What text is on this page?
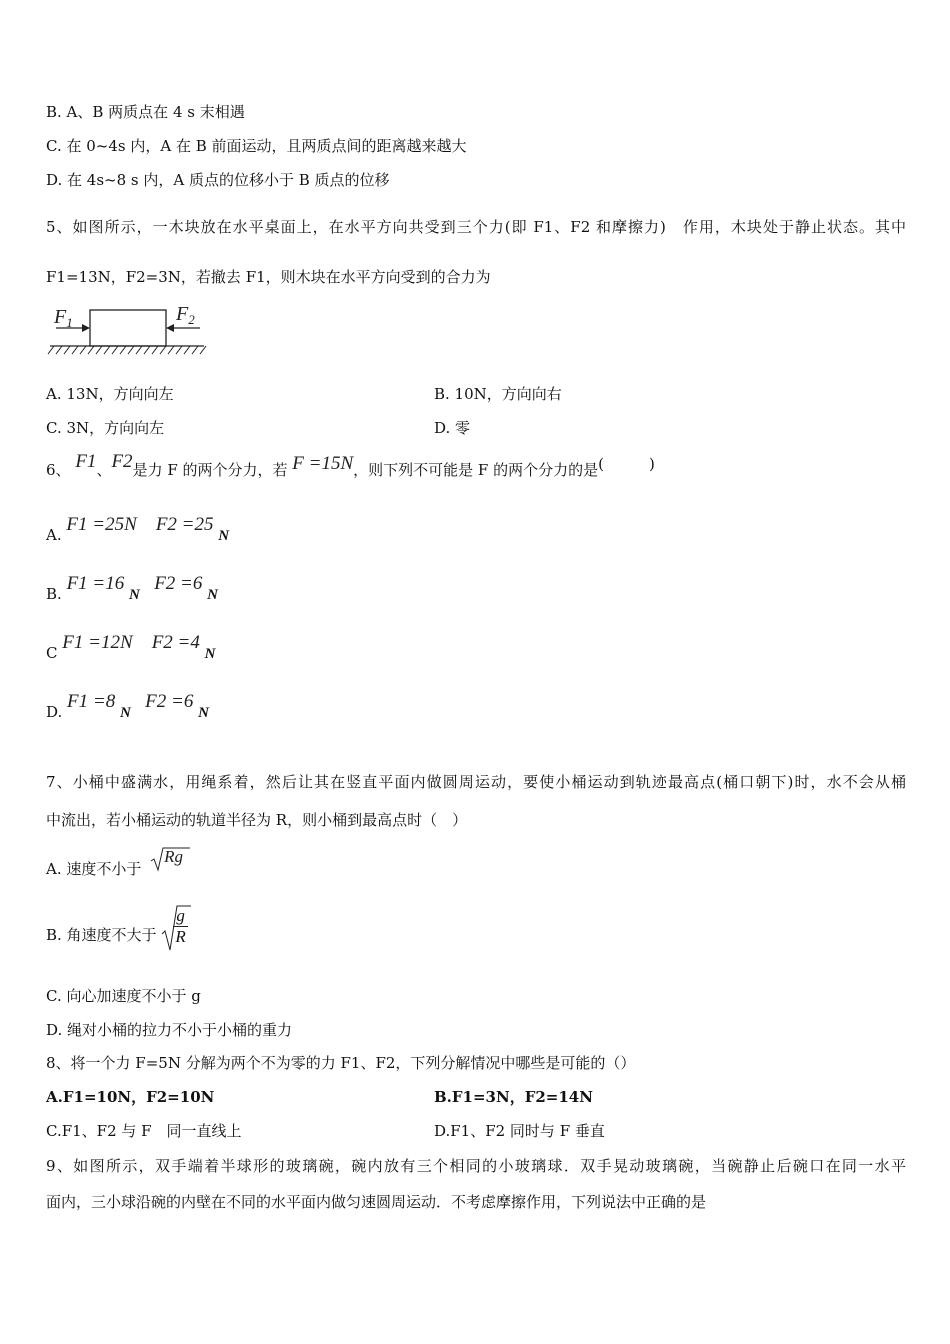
B. A、B 两质点在 4 s 末相遇
C. 在 0~4s 内，A 在 B 前面运动，且两质点间的距离越来越大
D. 在 4s~8 s 内，A 质点的位移小于 B 质点的位移
5、如图所示，一木块放在水平桌面上，在水平方向共受到三个力(即 F1、F2 和摩擦力)　作用，木块处于静止状态。其中
F1=13N，F2=3N，若撤去 F1，则木块在水平方向受到的合力为
$F_1$	$F_2$
A. 13N，方向向左	B. 10N，方向向右
C. 3N，方向向左	D. 零
6、 F1、F2是力 F 的两个分力，若 F =15N，则下列不可能是 F 的两个分力的是(　　　)
A. F1 =25N F2 =25 N
B. F1 =16 N   F2 =6 N
C F1 =12N F2 =4 N
D. F1 =8 N   F2 =6 N
7、小桶中盛满水，用绳系着，然后让其在竖直平面内做圆周运动，要使小桶运动到轨迹最高点(桶口朝下)时，水不会从桶
中流出，若小桶运动的轨道半径为 R，则小桶到最高点时（　）
A. 速度不小于
Rg
B. 角速度不大于 $\frac{g}{R}$
C. 向心加速度不小于 g
D. 绳对小桶的拉力不小于小桶的重力
8、将一个力 F=5N 分解为两个不为零的力 F1、F2，下列分解情况中哪些是可能的（）
A.F1=10N，F2=10N	B.F1=3N，F2=14N
C.F1、F2 与 F　同一直线上	D.F1、F2 同时与 F 垂直
9、如图所示，双手端着半球形的玻璃碗，碗内放有三个相同的小玻璃球．双手晃动玻璃碗，当碗静止后碗口在同一水平
面内，三小球沿碗的内壁在不同的水平面内做匀速圆周运动．不考虑摩擦作用，下列说法中正确的是
